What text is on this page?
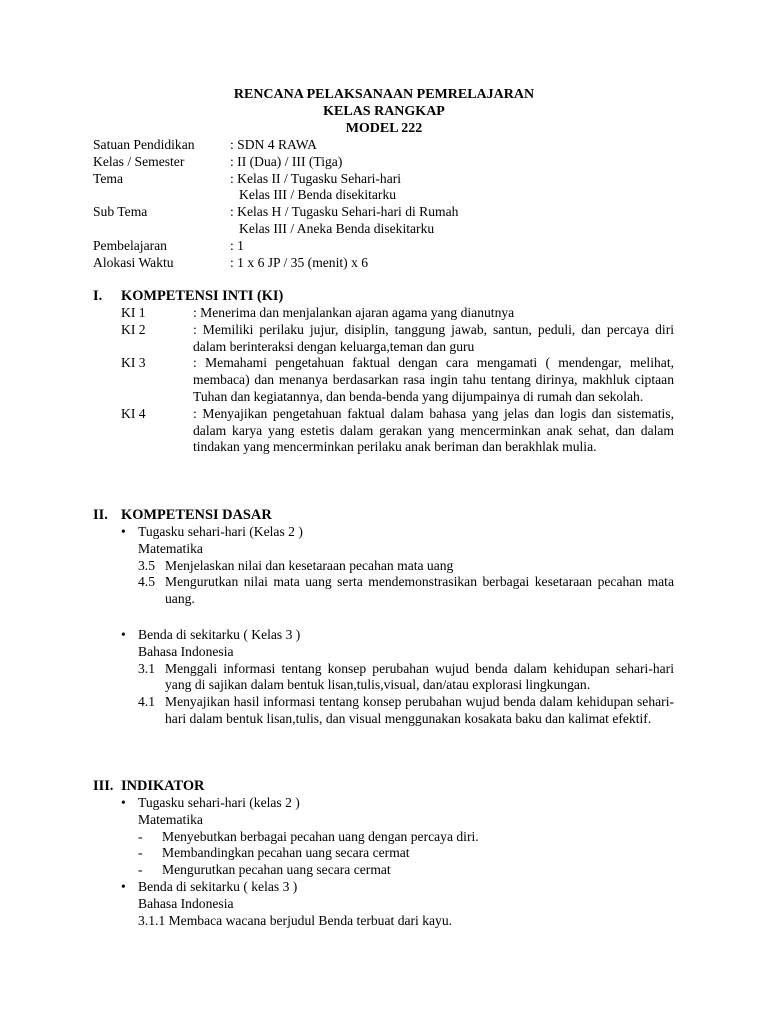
RENCANA PELAKSANAAN PEMRELAJARAN
KELAS RANGKAP
MODEL 222
Satuan Pendidikan	: SDN 4 RAWA
Kelas / Semester	: II (Dua) / III (Tiga)
Tema	: Kelas II / Tugasku Sehari-hari
Kelas III / Benda disekitarku
Sub Tema	: Kelas H / Tugasku Sehari-hari di Rumah
Kelas III / Aneka Benda disekitarku
Pembelajaran	: 1
Alokasi Waktu	: 1 x 6 JP / 35 (menit) x 6
I. KOMPETENSI INTI (KI)
KI 1	: Menerima dan menjalankan ajaran agama yang dianutnya
KI 2	: Memiliki perilaku jujur, disiplin, tanggung jawab, santun, peduli, dan percaya diri dalam berinteraksi dengan keluarga,teman dan guru
KI 3	: Memahami pengetahuan faktual dengan cara mengamati ( mendengar, melihat, membaca) dan menanya berdasarkan rasa ingin tahu tentang dirinya, makhluk ciptaan Tuhan dan kegiatannya, dan benda-benda yang dijumpainya di rumah dan sekolah.
KI 4	: Menyajikan pengetahuan faktual dalam bahasa yang jelas dan logis dan sistematis, dalam karya yang estetis dalam gerakan yang mencerminkan anak sehat, dan dalam tindakan yang mencerminkan perilaku anak beriman dan berakhlak mulia.
II. KOMPETENSI DASAR
• Tugasku sehari-hari (Kelas 2 )
Matematika
3.5 Menjelaskan nilai dan kesetaraan pecahan mata uang
4.5 Mengurutkan nilai mata uang serta mendemonstrasikan berbagai kesetaraan pecahan mata uang.
• Benda di sekitarku ( Kelas 3 )
Bahasa Indonesia
3.1 Menggali informasi tentang konsep perubahan wujud benda dalam kehidupan sehari-hari yang di sajikan dalam bentuk lisan,tulis,visual, dan/atau explorasi lingkungan.
4.1 Menyajikan hasil informasi tentang konsep perubahan wujud benda dalam kehidupan sehari-hari dalam bentuk lisan,tulis, dan visual menggunakan kosakata baku dan kalimat efektif.
III. INDIKATOR
• Tugasku sehari-hari (kelas 2 )
Matematika
-	Menyebutkan berbagai pecahan uang dengan percaya diri.
-	Membandingkan pecahan uang secara cermat
-	Mengurutkan pecahan uang secara cermat
• Benda di sekitarku ( kelas 3 )
Bahasa Indonesia
3.1.1 Membaca wacana berjudul Benda terbuat dari kayu.
